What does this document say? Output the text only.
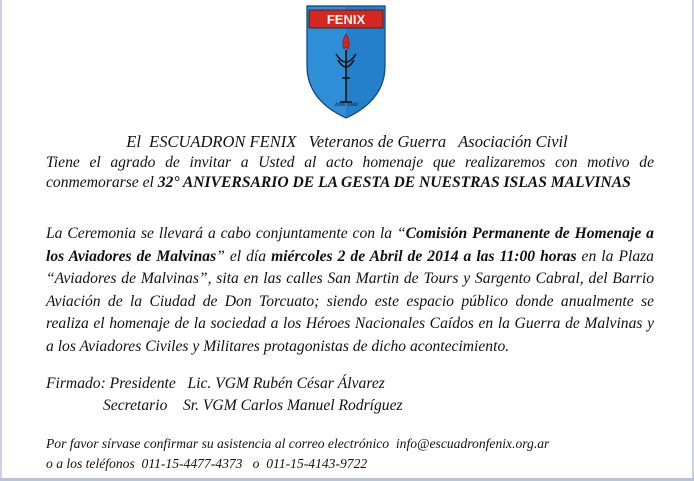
FENIX
2000 1000
El  ESCUADRON FENIX   Veteranos de Guerra   Asociación Civil
Tiene el agrado de invitar a Usted al acto homenaje que realizaremos con motivo de conmemorarse el 32° ANIVERSARIO DE LA GESTA DE NUESTRAS ISLAS MALVINAS
La Ceremonia se llevará a cabo conjuntamente con la “Comisión Permanente de Homenaje a los Aviadores de Malvinas” el día miércoles 2 de Abril de 2014 a las 11:00 horas en la Plaza “Aviadores de Malvinas”, sita en las calles San Martin de Tours y Sargento Cabral, del Barrio Aviación de la Ciudad de Don Torcuato; siendo este espacio público donde anualmente se realiza el homenaje de la sociedad a los Héroes Nacionales Caídos en la Guerra de Malvinas y a los Aviadores Civiles y Militares protagonistas de dicho acontecimiento.
Firmado: Presidente   Lic. VGM Rubén César Álvarez
Secretario    Sr. VGM Carlos Manuel Rodríguez
Por favor sírvase confirmar su asistencia al correo electrónico  info@escuadronfenix.org.ar
o a los teléfonos  011-15-4477-4373   o  011-15-4143-9722
